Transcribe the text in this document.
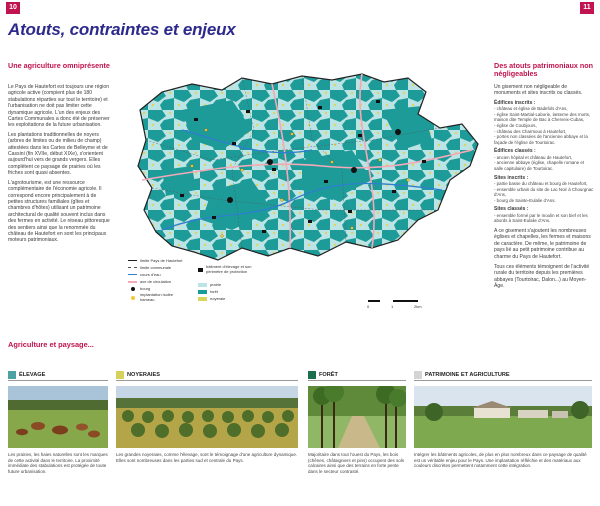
10	11
Atouts, contraintes et enjeux
Une agriculture omniprésente

Le Pays de Hautefort est toujours une région agricole active (compient plus de 180 stabulations réparties sur tout le territoire) et l'urbanisation ne doit pas limiter cette dynamique agricole. L'un des enjeux des Cartes Communales a donc été de préserver les exploitations de la future urbanisation.

Les plantations traditionnelles de noyers (arbres de limites ou de milieu de champ) attestées dans les Cartes de Belleyme et de Cassini (fin XVIIe, début XIXe), s'orientent aujourd'hui vers de grands vergers. Elles complètent ce paysage de prairies où les friches sont quasi absentes.

L'agrotourisme, est une ressource complémentaire de l'économie agricole. Il correspond encore principalement à de petites structures familiales (gîtes et chambres d'hôtes) utilisant un patrimoine architectural de qualité souvent inclus dans des fermes en activité. Le réseau pittoresque des sentiers ainsi que la renommée du château de Hautefort en sont les principaux moteurs patrimoniaux.

limite Pays de Hautefort
limite communale
cours d'eau
axe de circulation
bourg
implantation isolée hameau
bâtiment d'élevage et son périmètre de protection
prairie
forêt
noyeraie
0	1	2km
Des atouts patrimoniaux non négligeables

Un gisement non négligeable de monuments et sites inscrits ou classés.

Édifices inscrits :
- château et église de Badefols d'Ans,
- église Saint-Martial-Laborie, lanterne des morts, maison dite Temple de Bac à Cherveix-Cubas,
- église de Coubjours,
- château des Charmoux à Hautefort,
- portes non classées de l'ancienne abbaye et la façade de l'église de Tourtoirac.
Édifices classés :
- ancien hôpital et château de Hautefort,
- ancienne abbaye (église, chapelle romane et salle capitulaire) de Tourtoirac.
Sites inscrits :
- partie basse du château et bourg de Hautefort,
- ensemble urbain du site de Lac Noir à Chourgnac d'Ans,
- bourg de Sainte-Eulalie d'Ans.
Sites classés :
- ensemble formé par le moulin et son bief et les abords à Saint-Eulalie d'Ans.

A ce gisement s'ajoutent les nombreuses églises et chapelles, les fermes et maisons de caractère. De même, le patrimoine de pays lié au petit patrimoine contribue au charme du Pays de Hautefort.

Tous ces éléments témoignent de l'activité rurale du territoire depuis les premières abbayes (Tourtoirac, Dalon...) au Moyen-Âge.

Agriculture et paysage...
ÉLEVAGE
Les prairies, les haies naturelles sont les marques de cette activité dans le territoire. La proximité immédiate des stabulations est protégée de toute future urbanisation.
NOYERAIES
Les grandes noyeraies, comme l'élevage, sont le témoignage d'une agriculture dynamique. Elles sont nombreuses dans les parties sud et centrale du Pays.
FORÊT
Majoritaire dans tout l'ouest du Pays, les bois (chênes, châtaigniers et pins) occupent des sols calcaires ainsi que des terrains en forte pente dans le secteur contrasté.
PATRIMOINE ET AGRICULTURE
Intégrer les bâtiments agricoles, de plus en plus nombreux dans ce paysage de qualité est un véritable enjeu pour le Pays. Une implantation réfléchie et des matériaux aux couleurs discrètes permettent notamment cette intégration.
